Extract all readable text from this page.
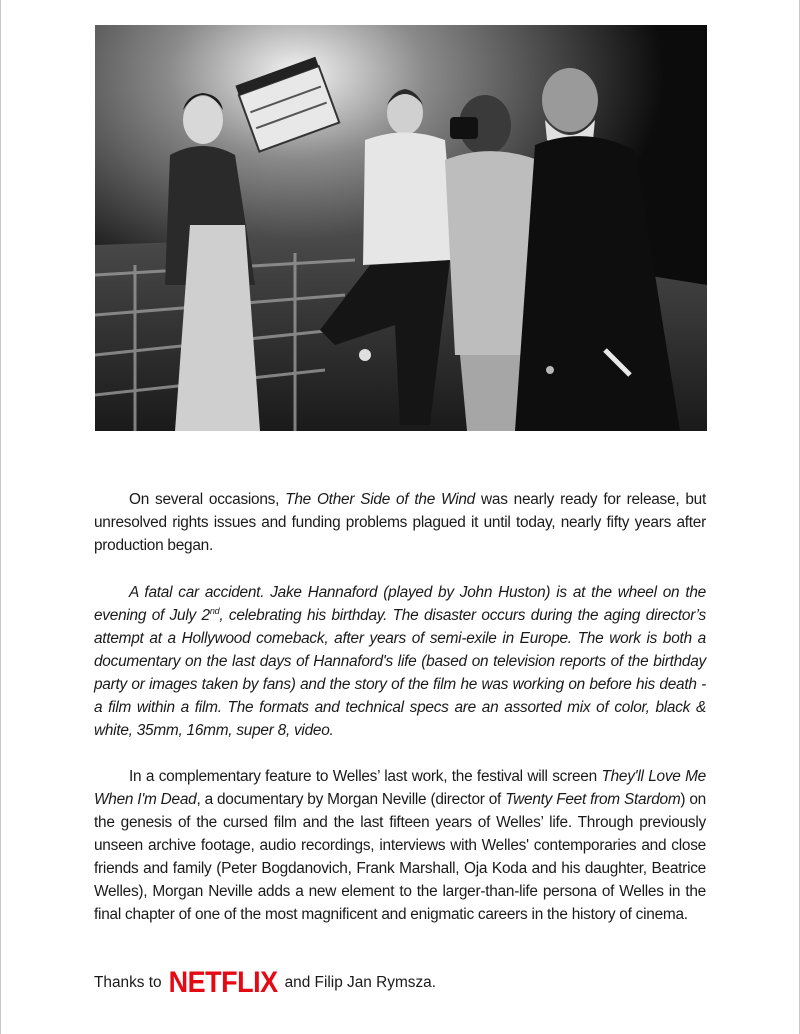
On several occasions, The Other Side of the Wind was nearly ready for release, but unresolved rights issues and funding problems plagued it until today, nearly fifty years after production began.

A fatal car accident. Jake Hannaford (played by John Huston) is at the wheel on the evening of July 2nd, celebrating his birthday. The disaster occurs during the aging director’s attempt at a Hollywood comeback, after years of semi-exile in Europe. The work is both a documentary on the last days of Hannaford's life (based on television reports of the birthday party or images taken by fans) and the story of the film he was working on before his death - a film within a film. The formats and technical specs are an assorted mix of color, black & white, 35mm, 16mm, super 8, video.

In a complementary feature to Welles’ last work, the festival will screen They'll Love Me When I'm Dead, a documentary by Morgan Neville (director of Twenty Feet from Stardom) on the genesis of the cursed film and the last fifteen years of Welles’ life. Through previously unseen archive footage, audio recordings, interviews with Welles' contemporaries and close friends and family (Peter Bogdanovich, Frank Marshall, Oja Koda and his daughter, Beatrice Welles), Morgan Neville adds a new element to the larger-than-life persona of Welles in the final chapter of one of the most magnificent and enigmatic careers in the history of cinema.

Thanks to NETFLIX and Filip Jan Rymsza.
